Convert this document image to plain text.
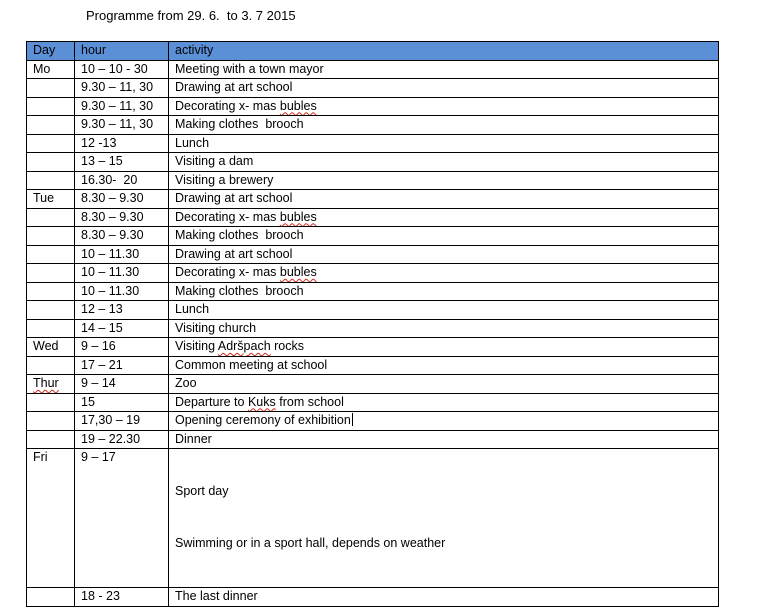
Programme from 29. 6.  to 3. 7 2015
Day	hour	activity
Mo	10 – 10 - 30	Meeting with a town mayor
	9.30 – 11, 30	Drawing at art school
	9.30 – 11, 30	Decorating x- mas bubles
	9.30 – 11, 30	Making clothes  brooch
	12 -13	Lunch
	13 – 15	Visiting a dam
	16.30-  20	Visiting a brewery
Tue	8.30 – 9.30	Drawing at art school
	8.30 – 9.30	Decorating x- mas bubles
	8.30 – 9.30	Making clothes  brooch
	10 – 11.30	Drawing at art school
	10 – 11.30	Decorating x- mas bubles
	10 – 11.30	Making clothes  brooch
	12 – 13	Lunch
	14 – 15	Visiting church
Wed	9 – 16	Visiting Adršpach rocks
	17 – 21	Common meeting at school
Thur	9 – 14	Zoo
	15	Departure to Kuks from school
	17,30 – 19	Opening ceremony of exhibition
	19 – 22.30	Dinner
Fri	9 – 17	Sport day

Swimming or in a sport hall, depends on weather

	18 - 23	The last dinner
